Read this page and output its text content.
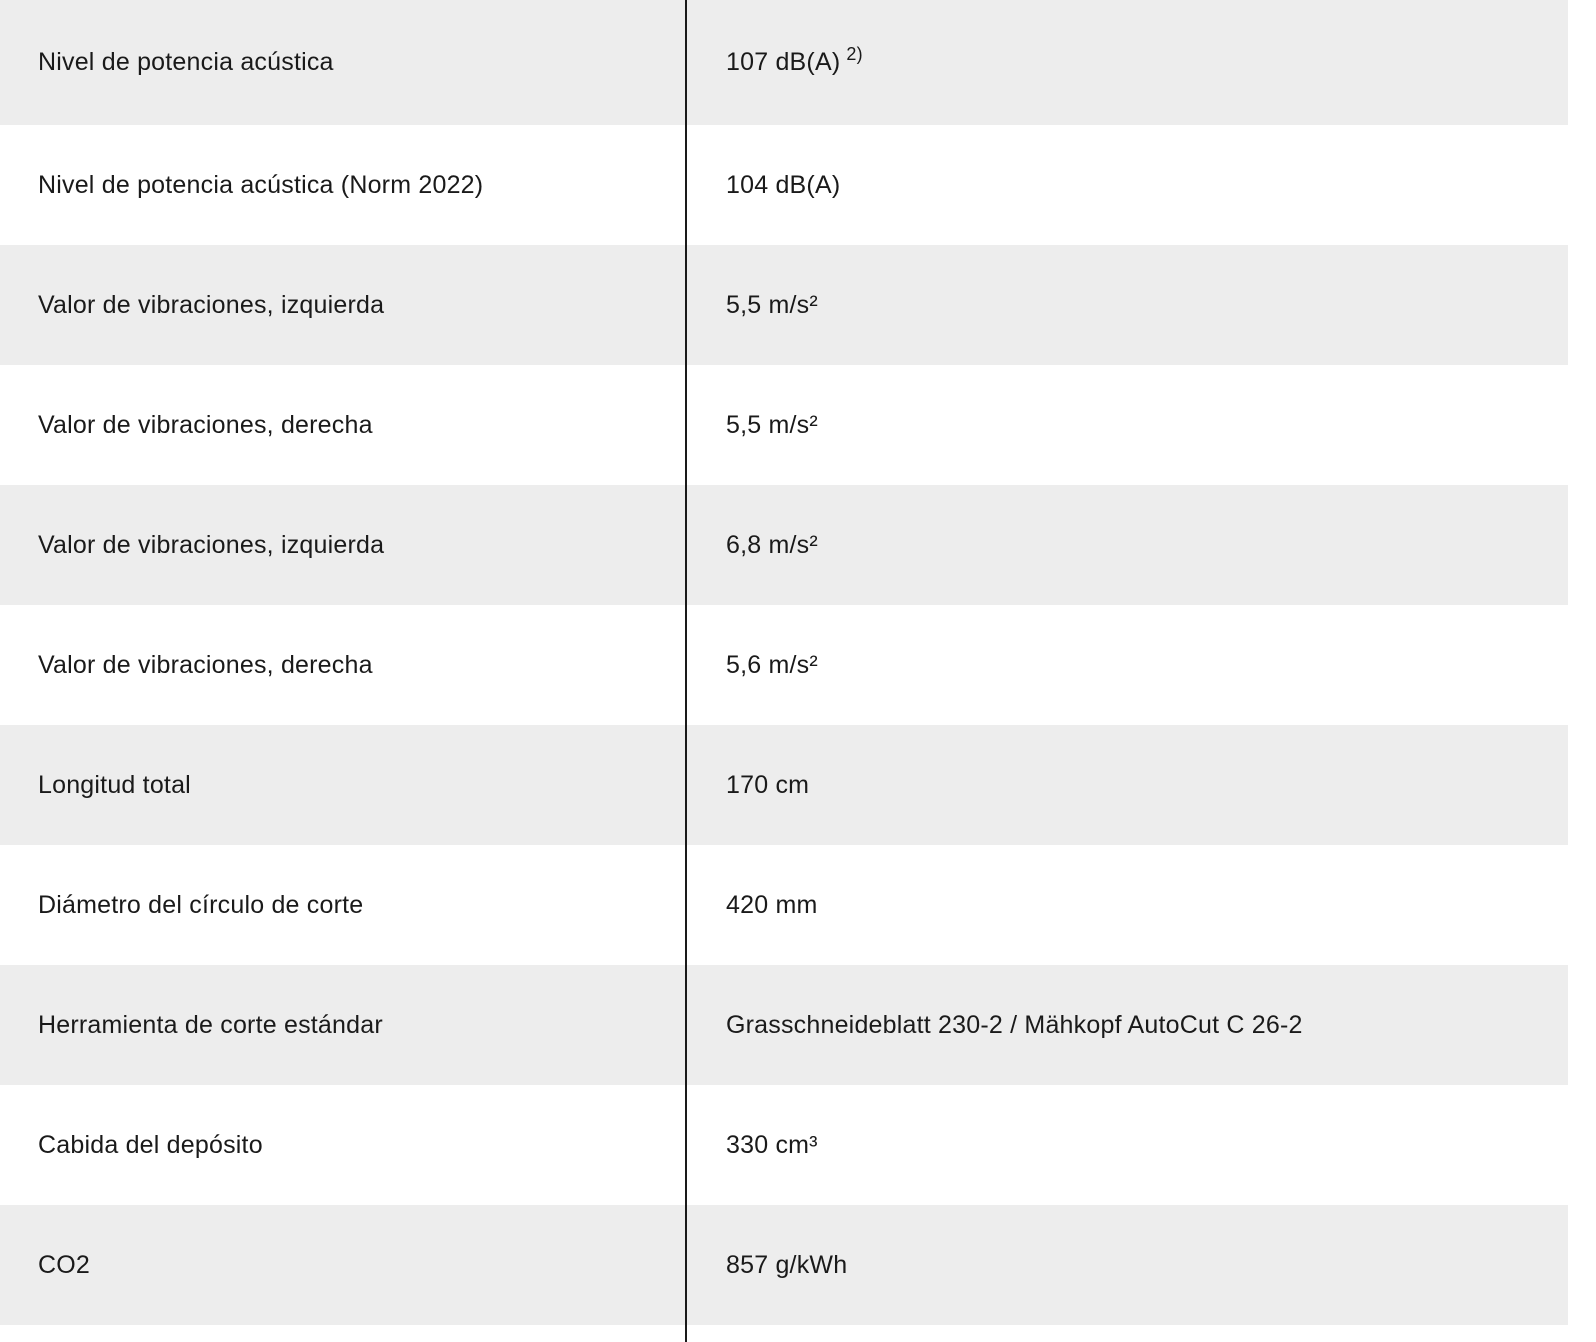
Nivel de potencia acústica	107 dB(A) $^{2)}$
Nivel de potencia acústica (Norm 2022)	104 dB(A)
Valor de vibraciones, izquierda	5,5 m/s²
Valor de vibraciones, derecha	5,5 m/s²
Valor de vibraciones, izquierda	6,8 m/s²
Valor de vibraciones, derecha	5,6 m/s²
Longitud total	170 cm
Diámetro del círculo de corte	420 mm
Herramienta de corte estándar	Grasschneideblatt 230-2 / Mähkopf AutoCut C 26-2
Cabida del depósito	330 cm³
CO2	857 g/kWh
